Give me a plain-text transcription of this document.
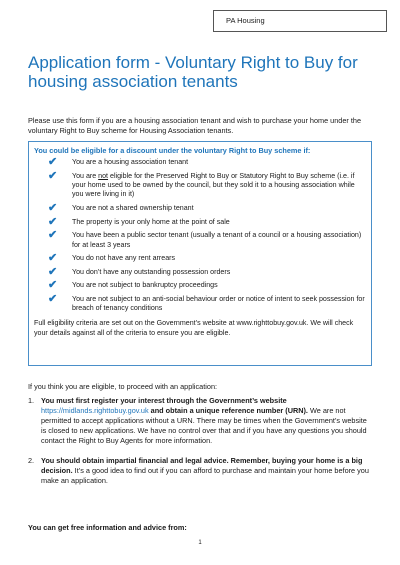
PA Housing
Application form - Voluntary Right to Buy for housing association tenants

Please use this form if you are a housing association tenant and wish to purchase your home under the voluntary Right to Buy scheme for Housing Association tenants.

You could be eligible for a discount under the voluntary Right to Buy scheme if:

✔ You are a housing association tenant
✔ You are not eligible for the Preserved Right to Buy or Statutory Right to Buy scheme (i.e. if your home used to be owned by the council, but they sold it to a housing association while you were living in it)
✔ You are not a shared ownership tenant
✔ The property is your only home at the point of sale
✔ You have been a public sector tenant (usually a tenant of a council or a housing association) for at least 3 years
✔ You do not have any rent arrears
✔ You don’t have any outstanding possession orders
✔ You are not subject to bankruptcy proceedings
✔ You are not subject to an anti-social behaviour order or notice of intent to seek possession for breach of tenancy conditions

Full eligibility criteria are set out on the Government’s website at www.righttobuy.gov.uk. We will check your details against all of the criteria to ensure you are eligible.

If you think you are eligible, to proceed with an application:

1. You must first register your interest through the Government’s website https://midlands.righttobuy.gov.uk and obtain a unique reference number (URN). We are not permitted to accept applications without a URN. There may be times when the Government’s website is closed to new applications. We have no control over that and if you have any questions you should contact the Right to Buy Agents for more information.
2. You should obtain impartial financial and legal advice. Remember, buying your home is a big decision. It’s a good idea to find out if you can afford to purchase and maintain your home before you make an application.

You can get free information and advice from:

1
